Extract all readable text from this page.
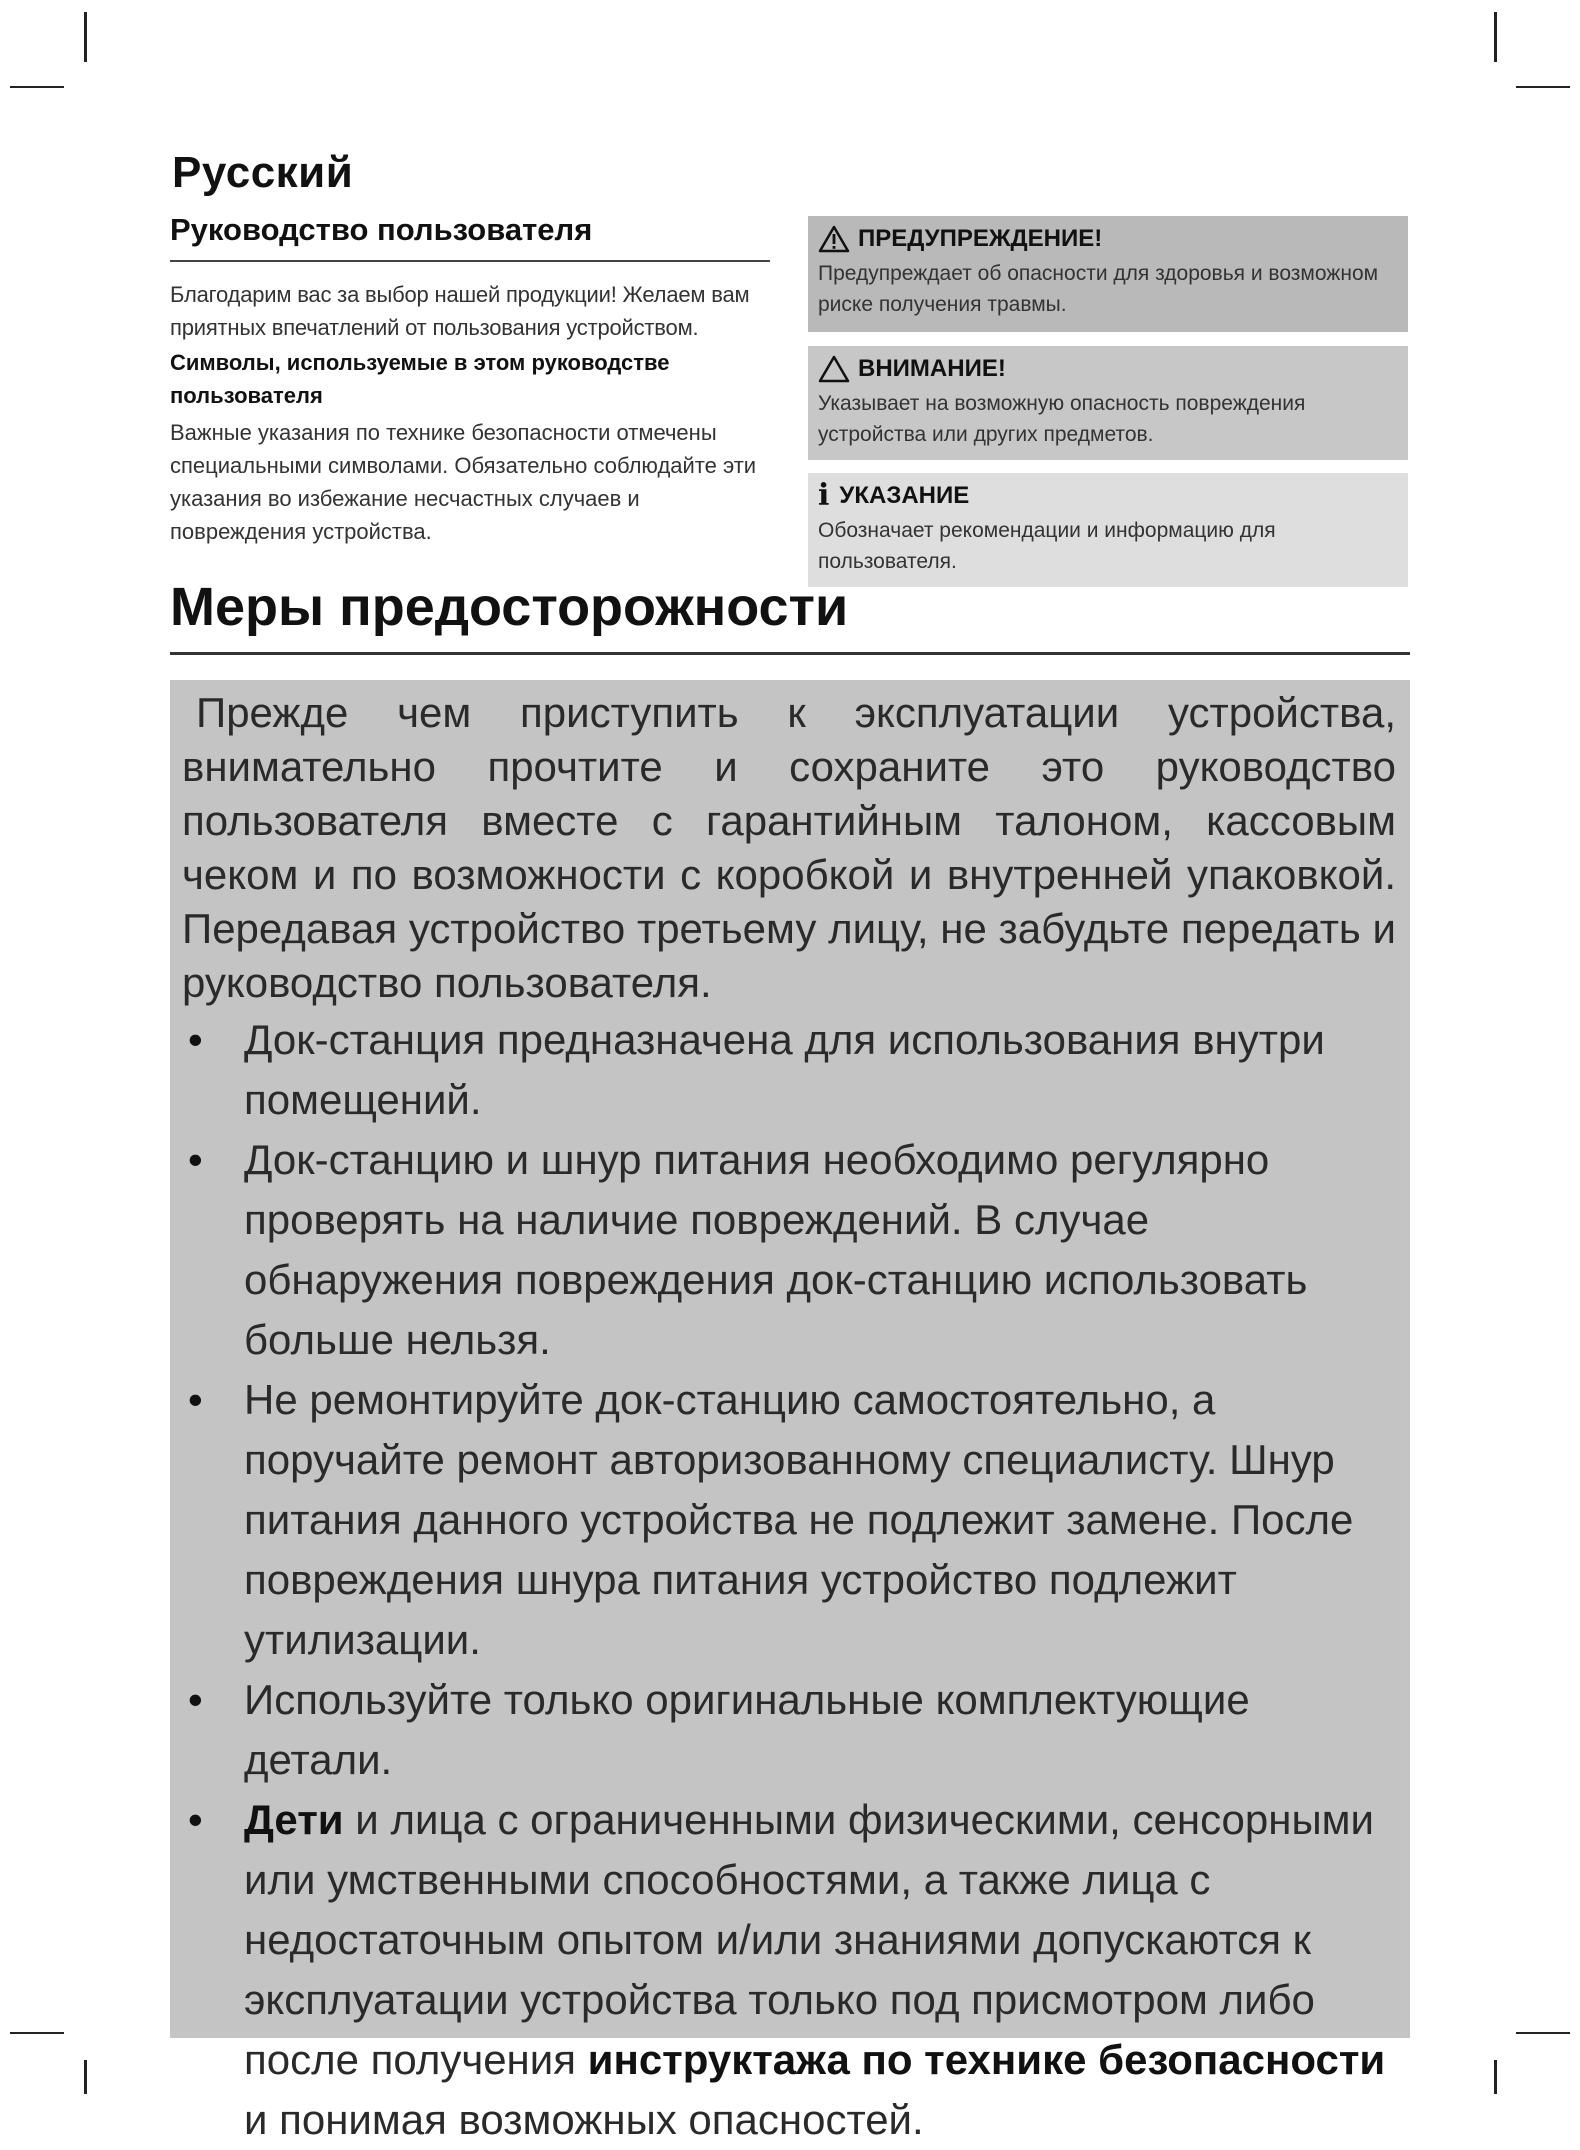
Русский
Руководство пользователя

Благодарим вас за выбор нашей продукции! Желаем вам приятных впечатлений от пользования устройством.

Символы, используемые в этом руководстве пользователя

Важные указания по технике безопасности отмечены специальными символами. Обязательно соблюдайте эти указания во избежание несчастных случаев и повреждения устройства.

ПРЕДУПРЕЖДЕНИЕ!
Предупреждает об опасности для здоровья и возможном риске получения травмы.
ВНИМАНИЕ!
Указывает на возможную опасность повреждения устройства или других предметов.
i УКАЗАНИЕ
Обозначает рекомендации и информацию для пользователя.
Меры предосторожности

Прежде чем приступить к эксплуатации устройства, внимательно прочтите и сохраните это руководство пользователя вместе с гарантийным талоном, кассовым чеком и по возможности с коробкой и внутренней упаковкой. Передавая устройство третьему лицу, не забудьте передать и руководство пользователя.

• Док-станция предназначена для использования внутри помещений.
• Док-станцию и шнур питания необходимо регулярно проверять на наличие повреждений. В случае обнаружения повреждения док-станцию использовать больше нельзя.
• Не ремонтируйте док-станцию самостоятельно, а поручайте ремонт авторизованному специалисту. Шнур питания данного устройства не подлежит замене. После повреждения шнура питания устройство подлежит утилизации.
• Используйте только оригинальные комплектующие детали.
• Дети и лица с ограниченными физическими, сенсорными или умственными способностями, а также лица с недостаточным опытом и/или знаниями допускаются к эксплуатации устройства только под присмотром либо после получения инструктажа по технике безопасности и понимая возможных опасностей.
